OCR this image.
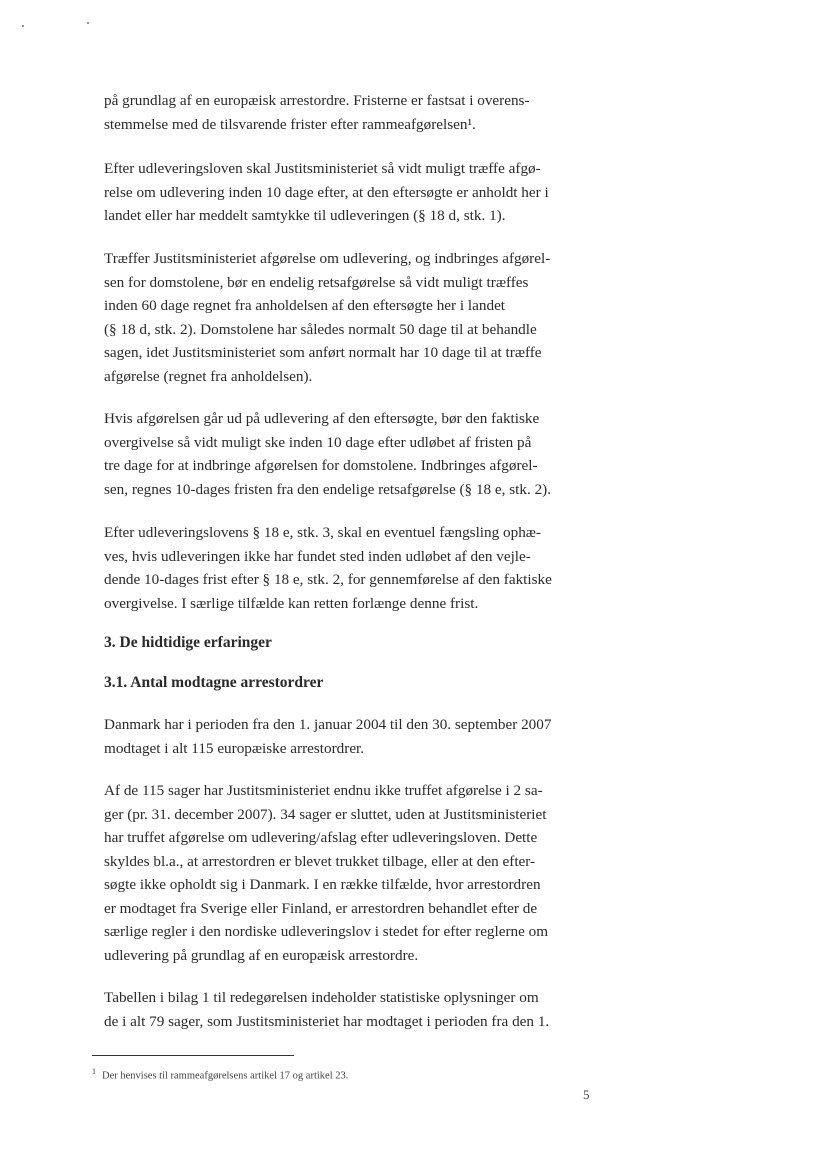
på grundlag af en europæisk arrestordre. Fristerne er fastsat i overens-
stemmelse med de tilsvarende frister efter rammeafgørelsen¹.
Efter udleveringsloven skal Justitsministeriet så vidt muligt træffe afgø-
relse om udlevering inden 10 dage efter, at den eftersøgte er anholdt her i
landet eller har meddelt samtykke til udleveringen (§ 18 d, stk. 1).
Træffer Justitsministeriet afgørelse om udlevering, og indbringes afgørel-
sen for domstolene, bør en endelig retsafgørelse så vidt muligt træffes
inden 60 dage regnet fra anholdelsen af den eftersøgte her i landet
(§ 18 d, stk. 2). Domstolene har således normalt 50 dage til at behandle
sagen, idet Justitsministeriet som anført normalt har 10 dage til at træffe
afgørelse (regnet fra anholdelsen).
Hvis afgørelsen går ud på udlevering af den eftersøgte, bør den faktiske
overgivelse så vidt muligt ske inden 10 dage efter udløbet af fristen på
tre dage for at indbringe afgørelsen for domstolene. Indbringes afgørel-
sen, regnes 10-dages fristen fra den endelige retsafgørelse (§ 18 e, stk. 2).
Efter udleveringslovens § 18 e, stk. 3, skal en eventuel fængsling ophæ-
ves, hvis udleveringen ikke har fundet sted inden udløbet af den vejle-
dende 10-dages frist efter § 18 e, stk. 2, for gennemførelse af den faktiske
overgivelse. I særlige tilfælde kan retten forlænge denne frist.
3. De hidtidige erfaringer
3.1. Antal modtagne arrestordrer
Danmark har i perioden fra den 1. januar 2004 til den 30. september 2007
modtaget i alt 115 europæiske arrestordrer.
Af de 115 sager har Justitsministeriet endnu ikke truffet afgørelse i 2 sa-
ger (pr. 31. december 2007). 34 sager er sluttet, uden at Justitsministeriet
har truffet afgørelse om udlevering/afslag efter udleveringsloven. Dette
skyldes bl.a., at arrestordren er blevet trukket tilbage, eller at den efter-
søgte ikke opholdt sig i Danmark. I en række tilfælde, hvor arrestordren
er modtaget fra Sverige eller Finland, er arrestordren behandlet efter de
særlige regler i den nordiske udleveringslov i stedet for efter reglerne om
udlevering på grundlag af en europæisk arrestordre.
Tabellen i bilag 1 til redegørelsen indeholder statistiske oplysninger om
de i alt 79 sager, som Justitsministeriet har modtaget i perioden fra den 1.
$^1$ Der henvises til rammeafgørelsens artikel 17 og artikel 23.
5
